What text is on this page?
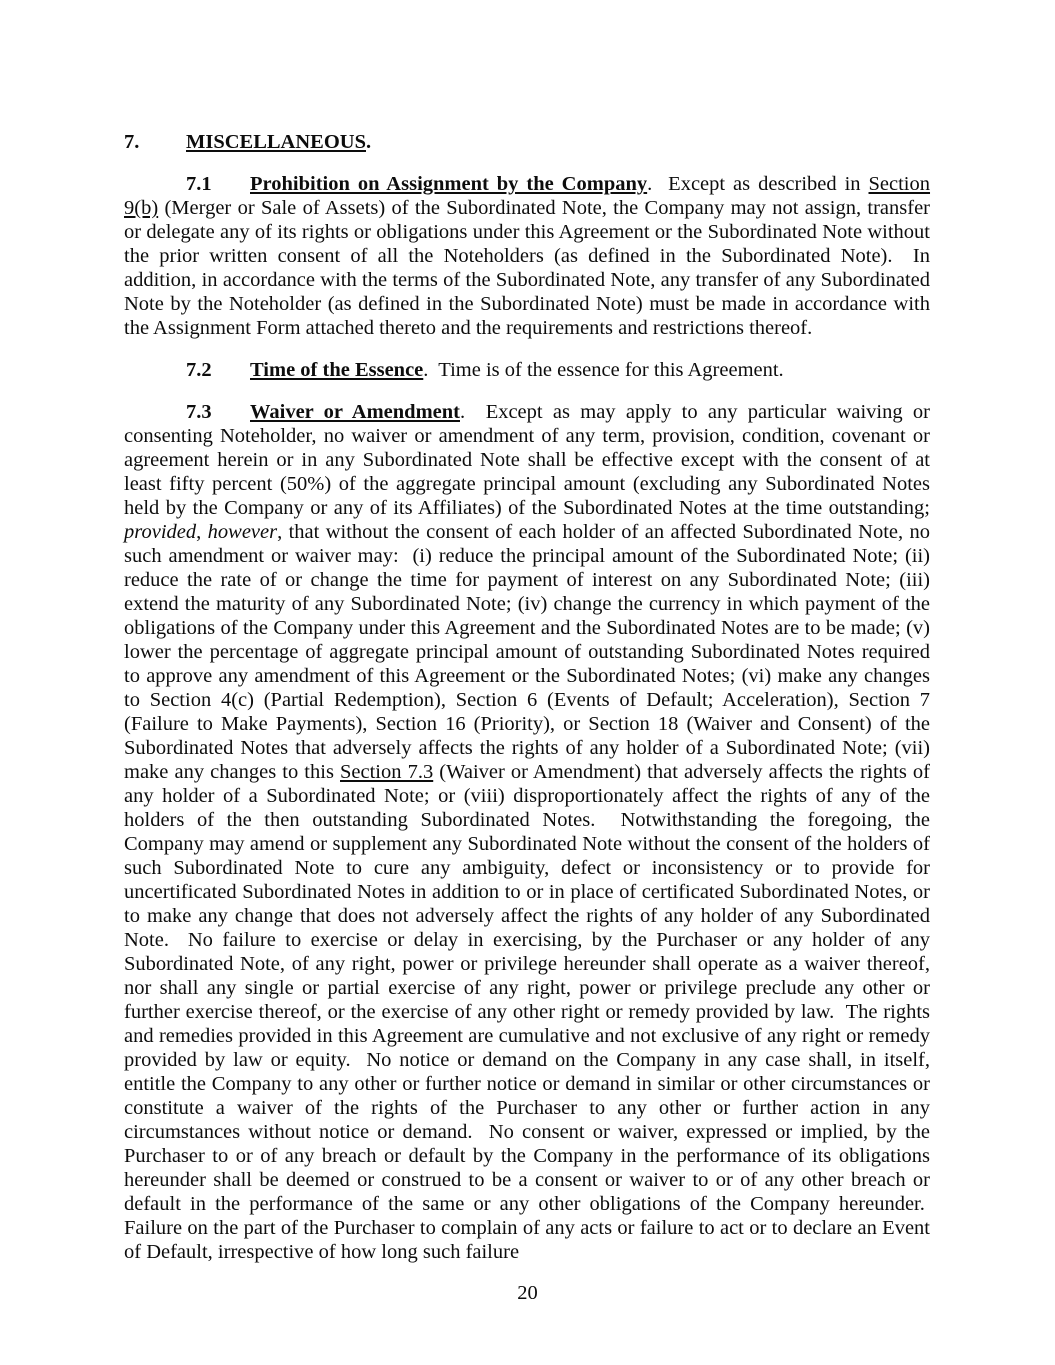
7. MISCELLANEOUS.

7.1 Prohibition on Assignment by the Company.  Except as described in Section 9(b) (Merger or Sale of Assets) of the Subordinated Note, the Company may not assign, transfer or delegate any of its rights or obligations under this Agreement or the Subordinated Note without the prior written consent of all the Noteholders (as defined in the Subordinated Note).  In addition, in accordance with the terms of the Subordinated Note, any transfer of any Subordinated Note by the Noteholder (as defined in the Subordinated Note) must be made in accordance with the Assignment Form attached thereto and the requirements and restrictions thereof.

7.2 Time of the Essence.  Time is of the essence for this Agreement.

7.3 Waiver or Amendment.  Except as may apply to any particular waiving or consenting Noteholder, no waiver or amendment of any term, provision, condition, covenant or agreement herein or in any Subordinated Note shall be effective except with the consent of at least fifty percent (50%) of the aggregate principal amount (excluding any Subordinated Notes held by the Company or any of its Affiliates) of the Subordinated Notes at the time outstanding; provided, however, that without the consent of each holder of an affected Subordinated Note, no such amendment or waiver may:  (i) reduce the principal amount of the Subordinated Note; (ii) reduce the rate of or change the time for payment of interest on any Subordinated Note; (iii) extend the maturity of any Subordinated Note; (iv) change the currency in which payment of the obligations of the Company under this Agreement and the Subordinated Notes are to be made; (v) lower the percentage of aggregate principal amount of outstanding Subordinated Notes required to approve any amendment of this Agreement or the Subordinated Notes; (vi) make any changes to Section 4(c) (Partial Redemption), Section 6 (Events of Default; Acceleration), Section 7 (Failure to Make Payments), Section 16 (Priority), or Section 18 (Waiver and Consent) of the Subordinated Notes that adversely affects the rights of any holder of a Subordinated Note; (vii) make any changes to this Section 7.3 (Waiver or Amendment) that adversely affects the rights of any holder of a Subordinated Note; or (viii) disproportionately affect the rights of any of the holders of the then outstanding Subordinated Notes.  Notwithstanding the foregoing, the Company may amend or supplement any Subordinated Note without the consent of the holders of such Subordinated Note to cure any ambiguity, defect or inconsistency or to provide for uncertificated Subordinated Notes in addition to or in place of certificated Subordinated Notes, or to make any change that does not adversely affect the rights of any holder of any Subordinated Note.  No failure to exercise or delay in exercising, by the Purchaser or any holder of any Subordinated Note, of any right, power or privilege hereunder shall operate as a waiver thereof, nor shall any single or partial exercise of any right, power or privilege preclude any other or further exercise thereof, or the exercise of any other right or remedy provided by law.  The rights and remedies provided in this Agreement are cumulative and not exclusive of any right or remedy provided by law or equity.  No notice or demand on the Company in any case shall, in itself, entitle the Company to any other or further notice or demand in similar or other circumstances or constitute a waiver of the rights of the Purchaser to any other or further action in any circumstances without notice or demand.  No consent or waiver, expressed or implied, by the Purchaser to or of any breach or default by the Company in the performance of its obligations hereunder shall be deemed or construed to be a consent or waiver to or of any other breach or default in the performance of the same or any other obligations of the Company hereunder.  Failure on the part of the Purchaser to complain of any acts or failure to act or to declare an Event of Default, irrespective of how long such failure

20
